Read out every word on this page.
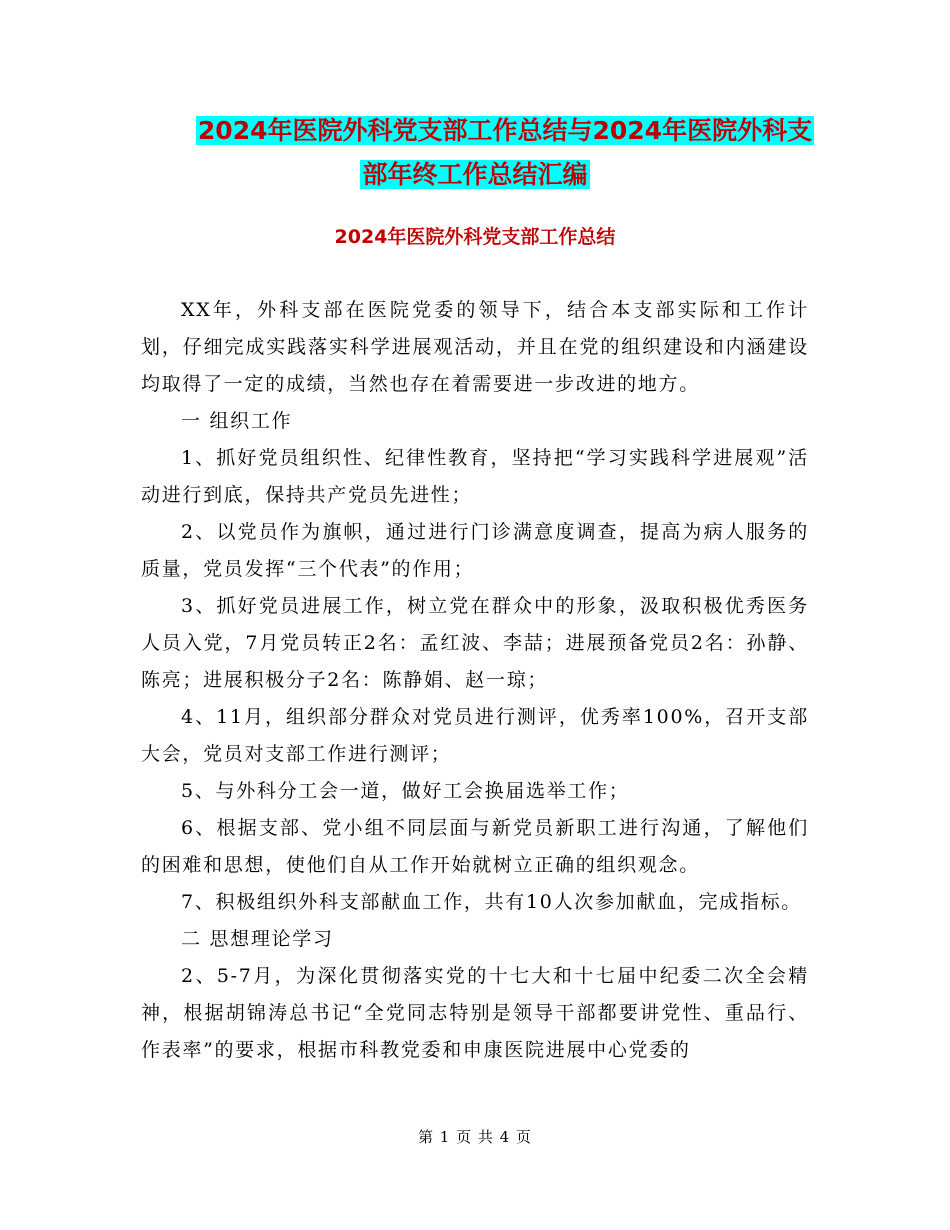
2024年医院外科党支部工作总结与2024年医院外科支
部年终工作总结汇编
2024年医院外科党支部工作总结

XX年，外科支部在医院党委的领导下，结合本支部实际和工作计划，仔细完成实践落实科学进展观活动，并且在党的组织建设和内涵建设均取得了一定的成绩，当然也存在着需要进一步改进的地方。

一 组织工作

1、抓好党员组织性、纪律性教育，坚持把“学习实践科学进展观”活动进行到底，保持共产党员先进性；

2、以党员作为旗帜，通过进行门诊满意度调查，提高为病人服务的质量，党员发挥“三个代表”的作用；

3、抓好党员进展工作，树立党在群众中的形象，汲取积极优秀医务人员入党，7月党员转正2名：孟红波、李喆；进展预备党员2名：孙静、陈亮；进展积极分子2名：陈静娟、赵一琼；

4、11月，组织部分群众对党员进行测评，优秀率100%，召开支部大会，党员对支部工作进行测评；

5、与外科分工会一道，做好工会换届选举工作；

6、根据支部、党小组不同层面与新党员新职工进行沟通，了解他们的困难和思想，使他们自从工作开始就树立正确的组织观念。

7、积极组织外科支部献血工作，共有10人次参加献血，完成指标。

二 思想理论学习

2、5-7月，为深化贯彻落实党的十七大和十七届中纪委二次全会精神，根据胡锦涛总书记“全党同志特别是领导干部都要讲党性、重品行、作表率”的要求，根据市科教党委和申康医院进展中心党委的

第 1 页 共 4 页
